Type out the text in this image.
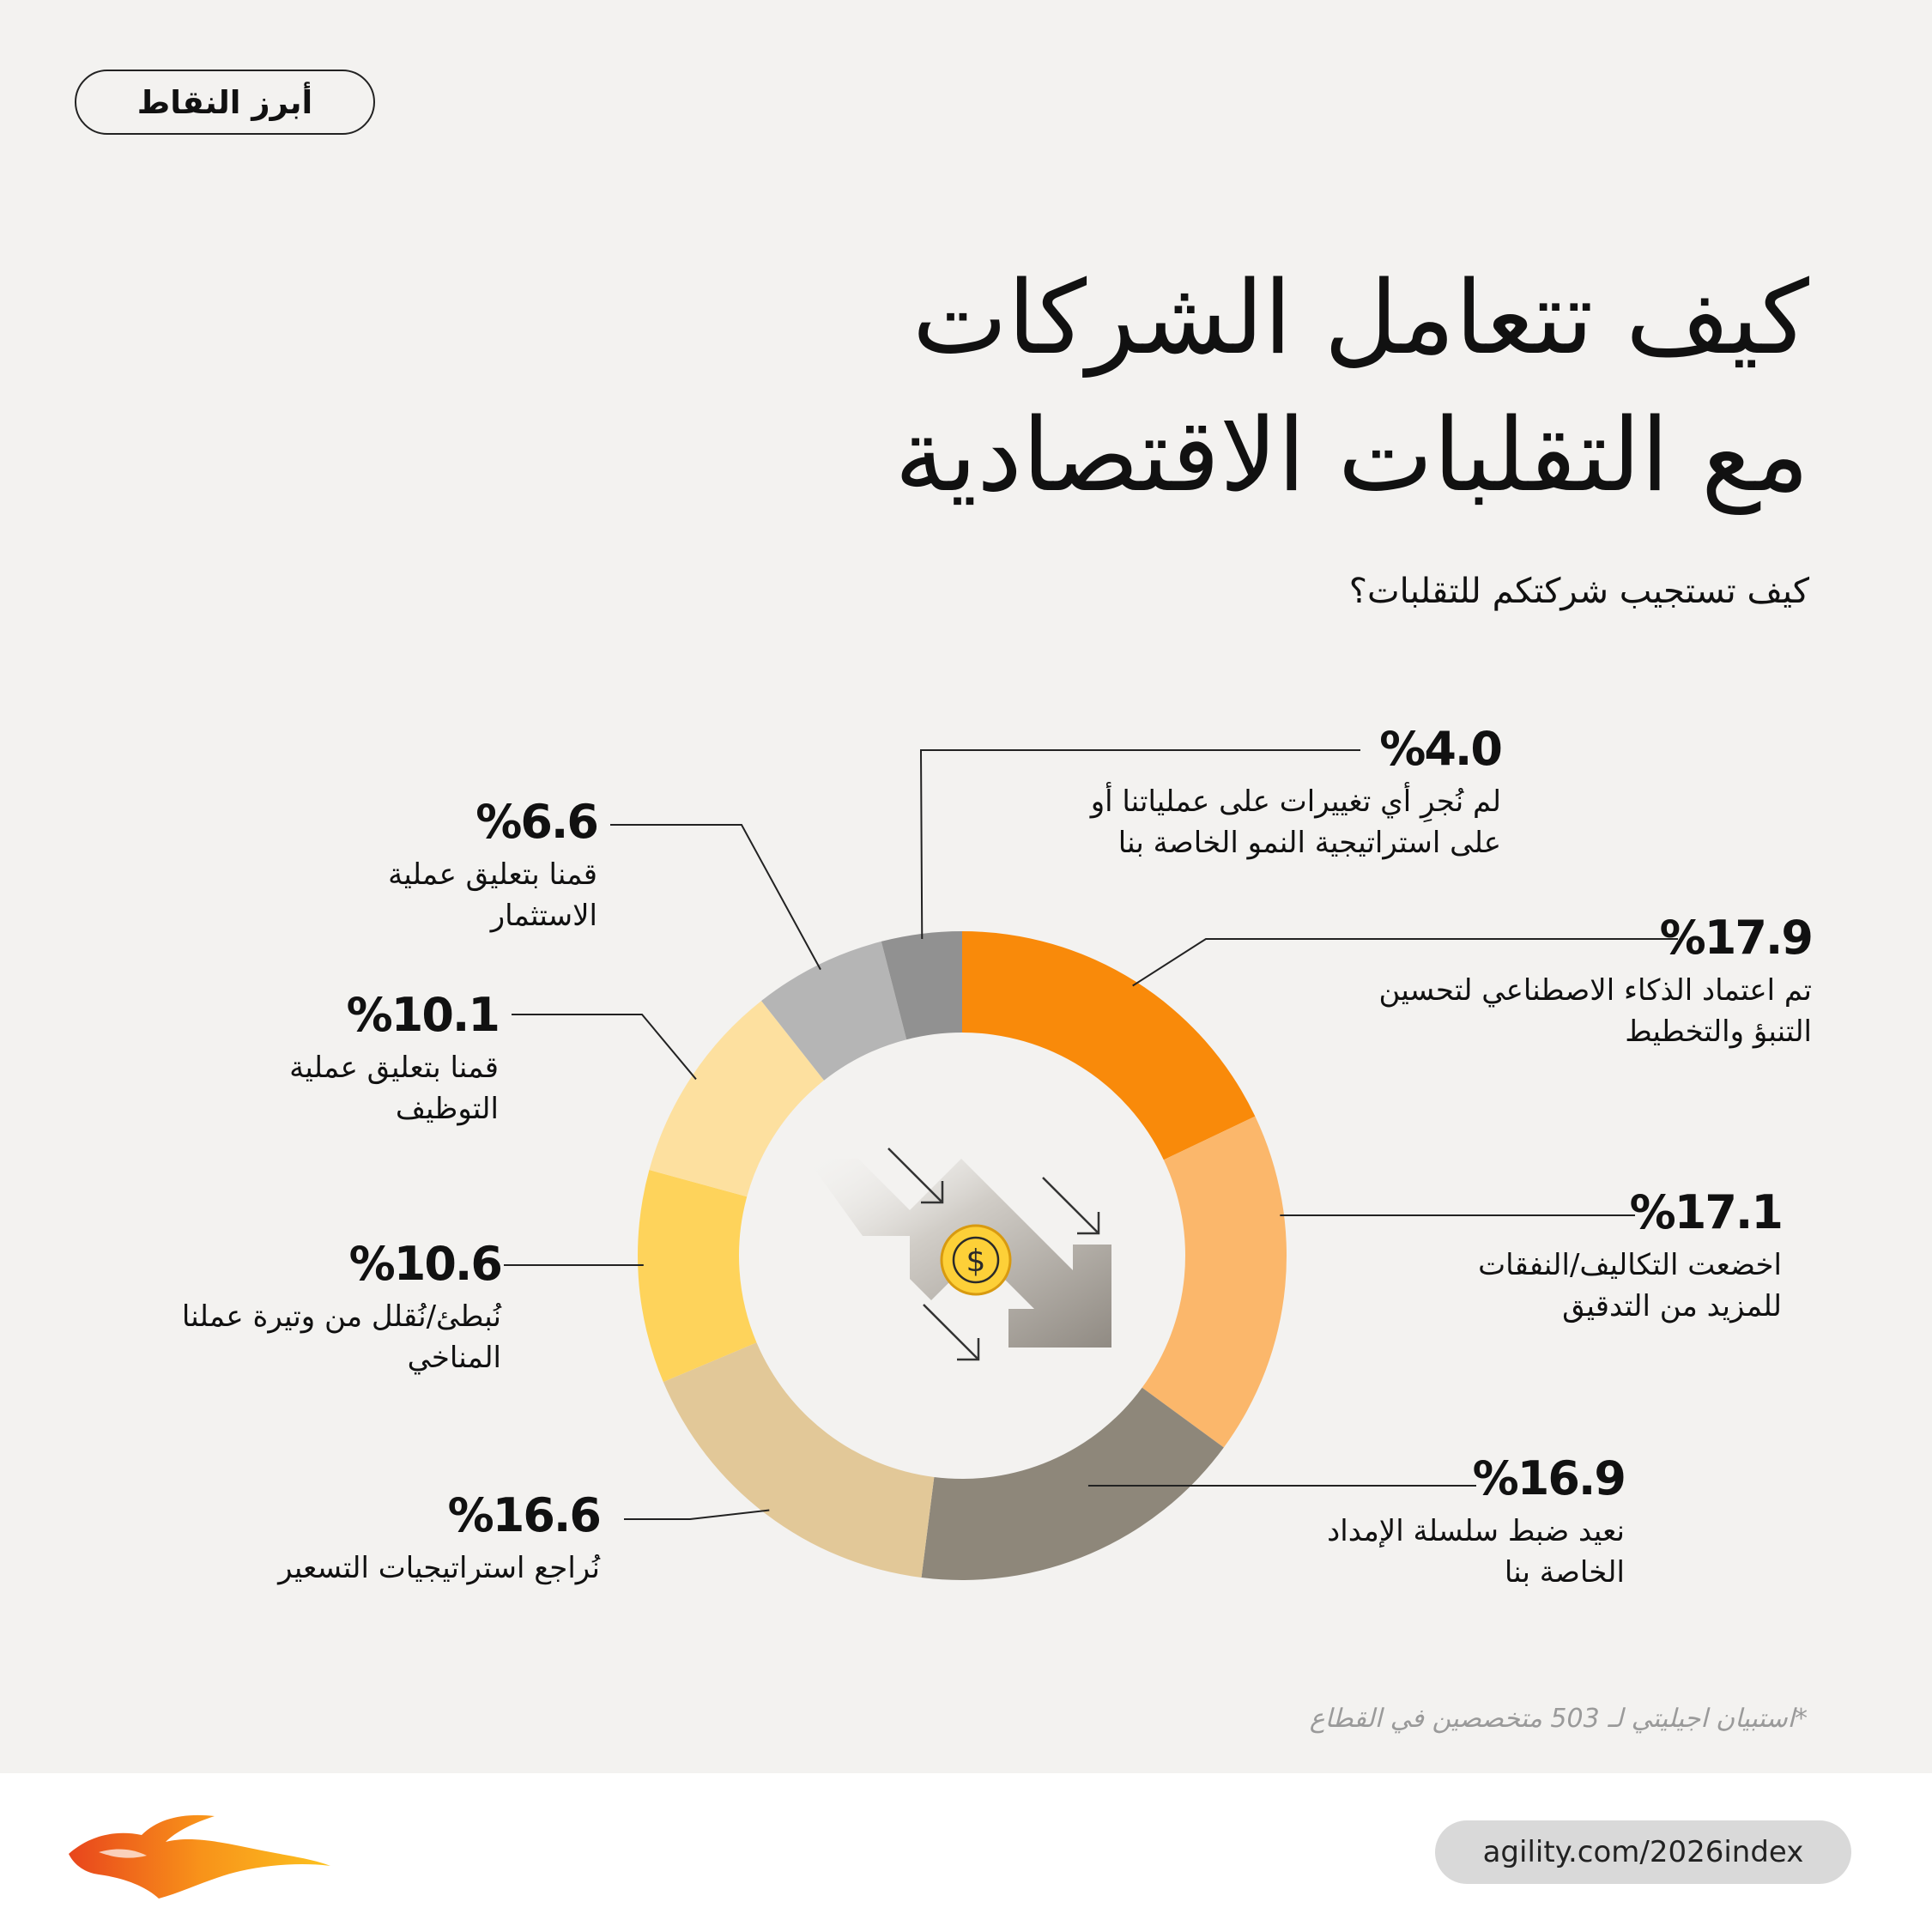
أبرز النقاط
كيف تتعامل الشركات
مع التقلبات الاقتصادية
كيف تستجيب شركتكم للتقلبات؟
$
%17.9
تم اعتماد الذكاء الاصطناعي لتحسين
التنبؤ والتخطيط
%17.1
اخضعت التكاليف/النفقات
للمزيد من التدقيق
%16.9
نعيد ضبط سلسلة الإمداد
الخاصة بنا
%16.6
نُراجع استراتيجيات التسعير
%10.6
نُبطئ/نُقلل من وتيرة عملنا
المناخي
%10.1
قمنا بتعليق عملية
التوظيف
%6.6
قمنا بتعليق عملية
الاستثمار
%4.0
لم نُجرِ أي تغييرات على عملياتنا أو
على استراتيجية النمو الخاصة بنا
*استبيان اجيليتي لـ 503 متخصصين في القطاع
agility.com/2026index
